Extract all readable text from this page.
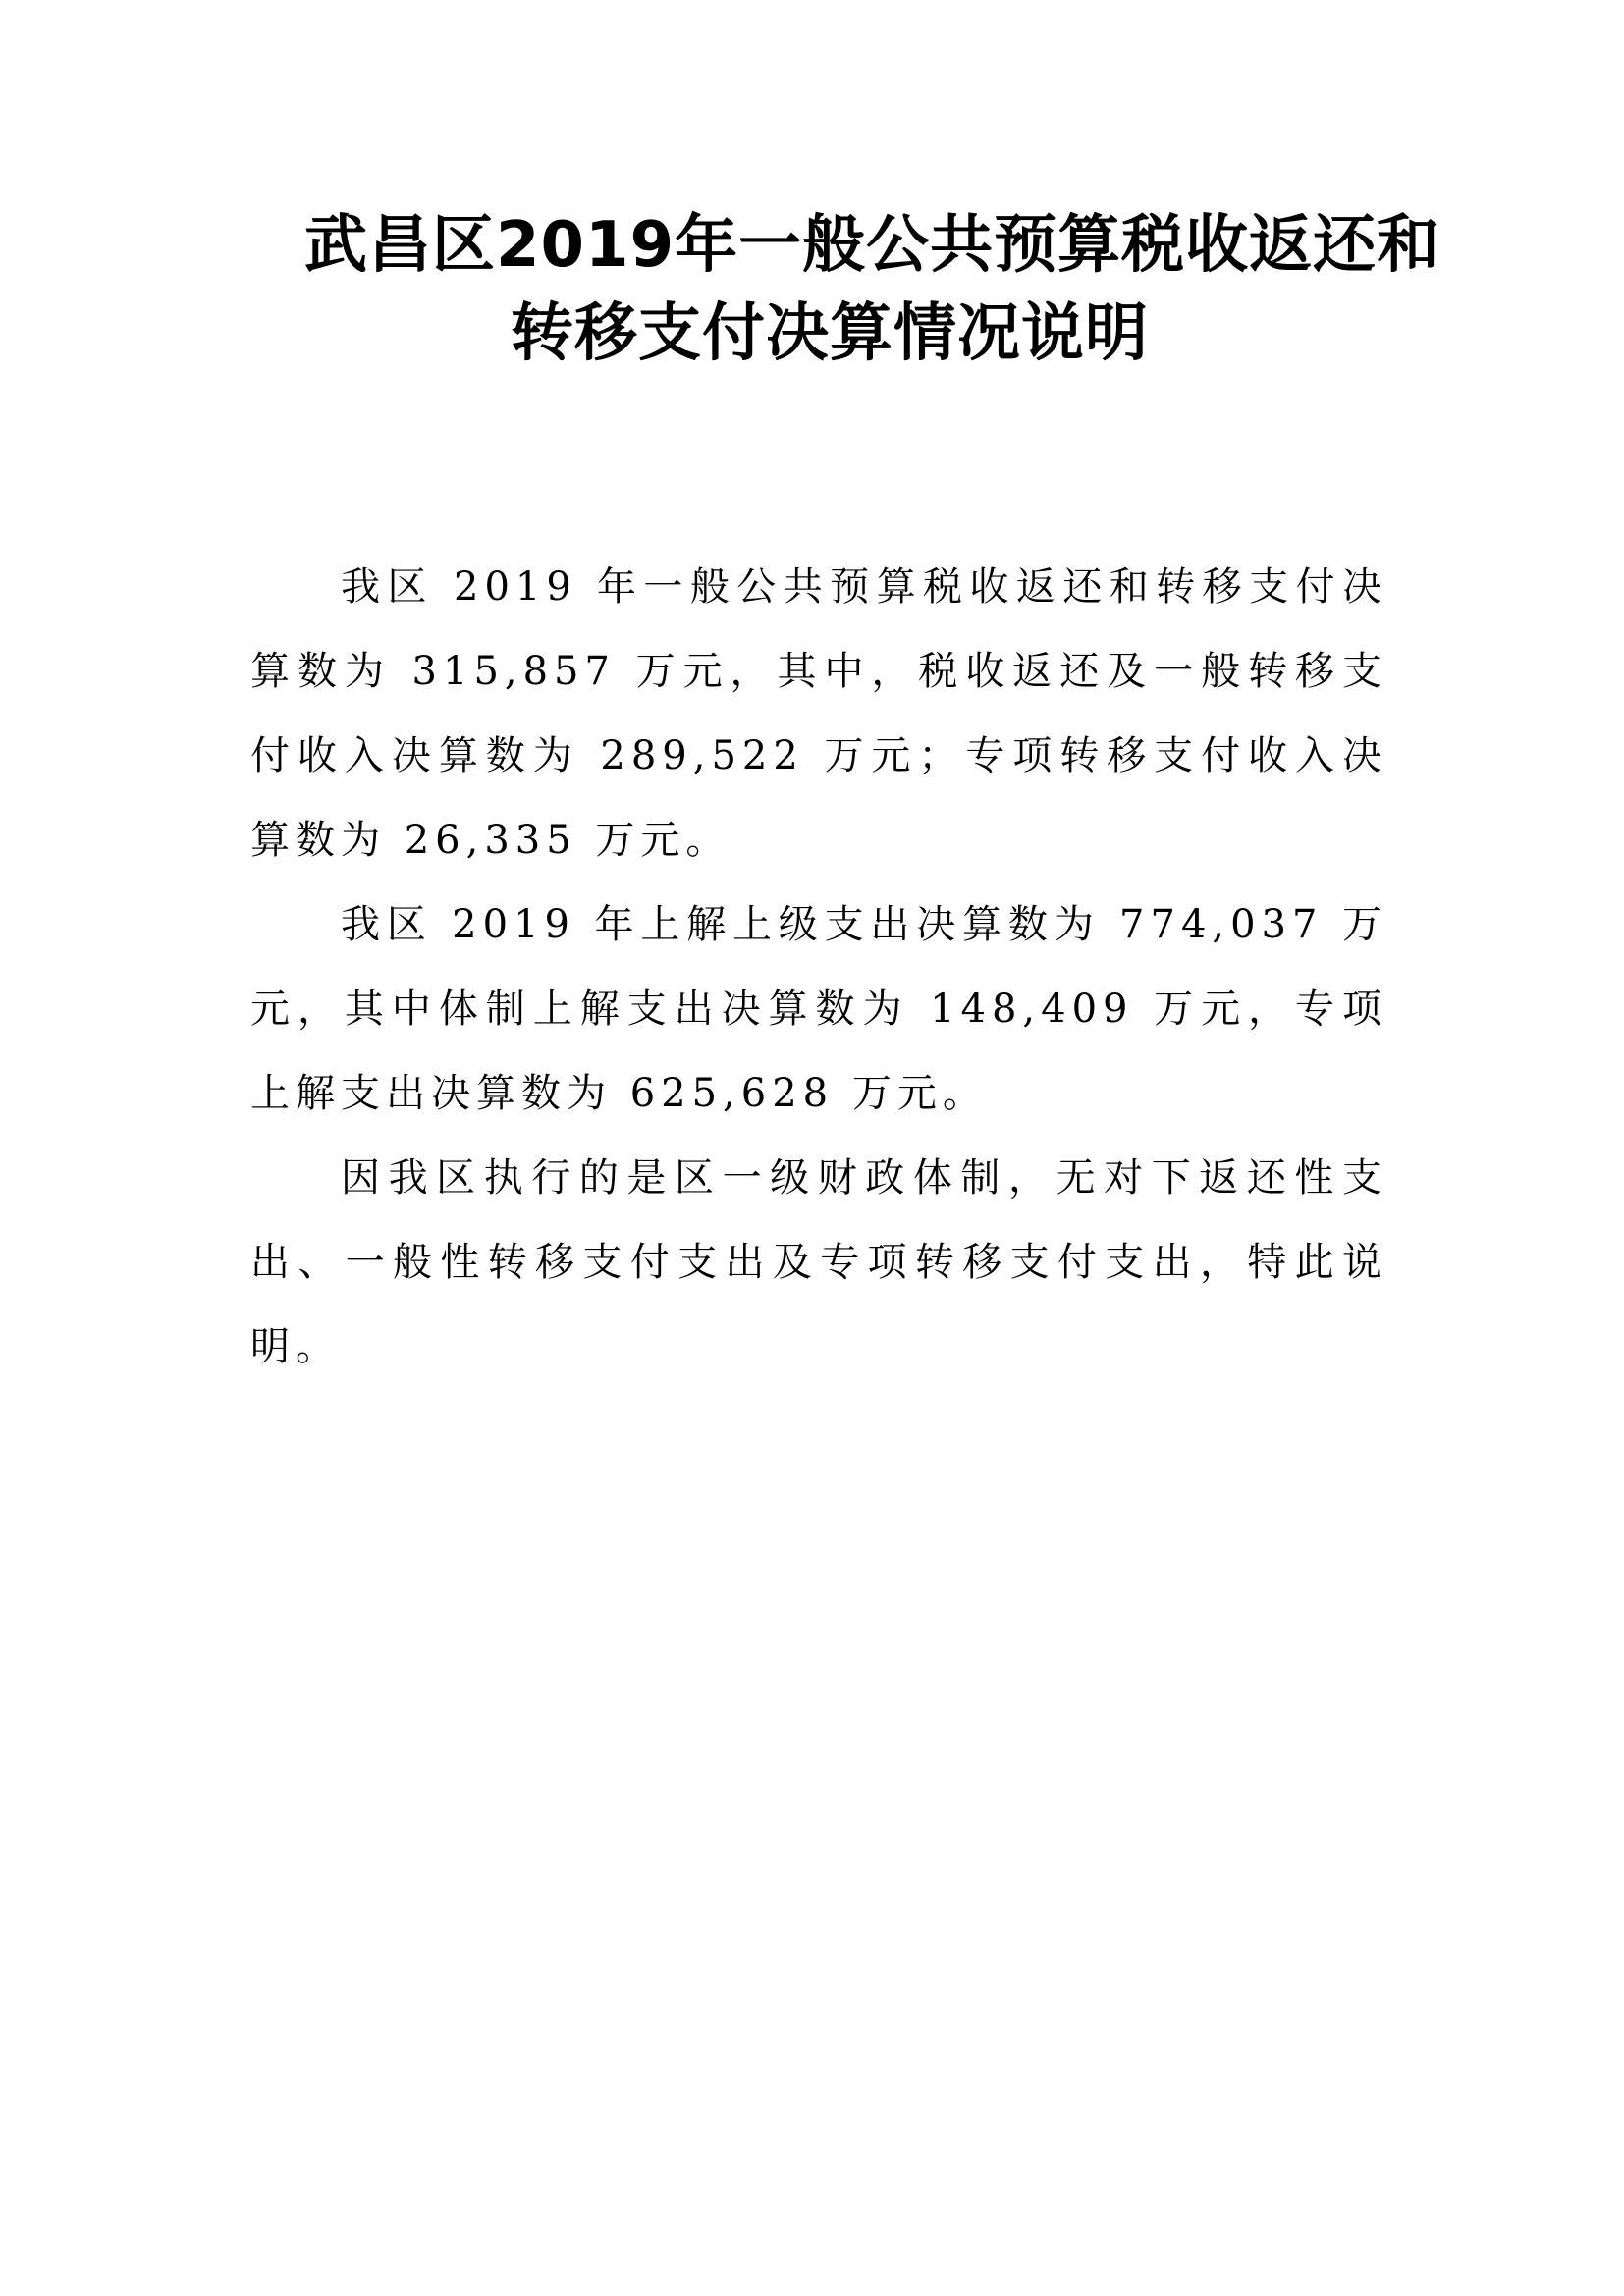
武昌区2019年一般公共预算税收返还和
转移支付决算情况说明

我区 2019 年一般公共预算税收返还和转移支付决算数为 315,857 万元，其中，税收返还及一般转移支付收入决算数为 289,522 万元；专项转移支付收入决算数为 26,335 万元。

我区 2019 年上解上级支出决算数为 774,037 万元，其中体制上解支出决算数为 148,409 万元，专项上解支出决算数为 625,628 万元。

因我区执行的是区一级财政体制，无对下返还性支出、一般性转移支付支出及专项转移支付支出，特此说明。
